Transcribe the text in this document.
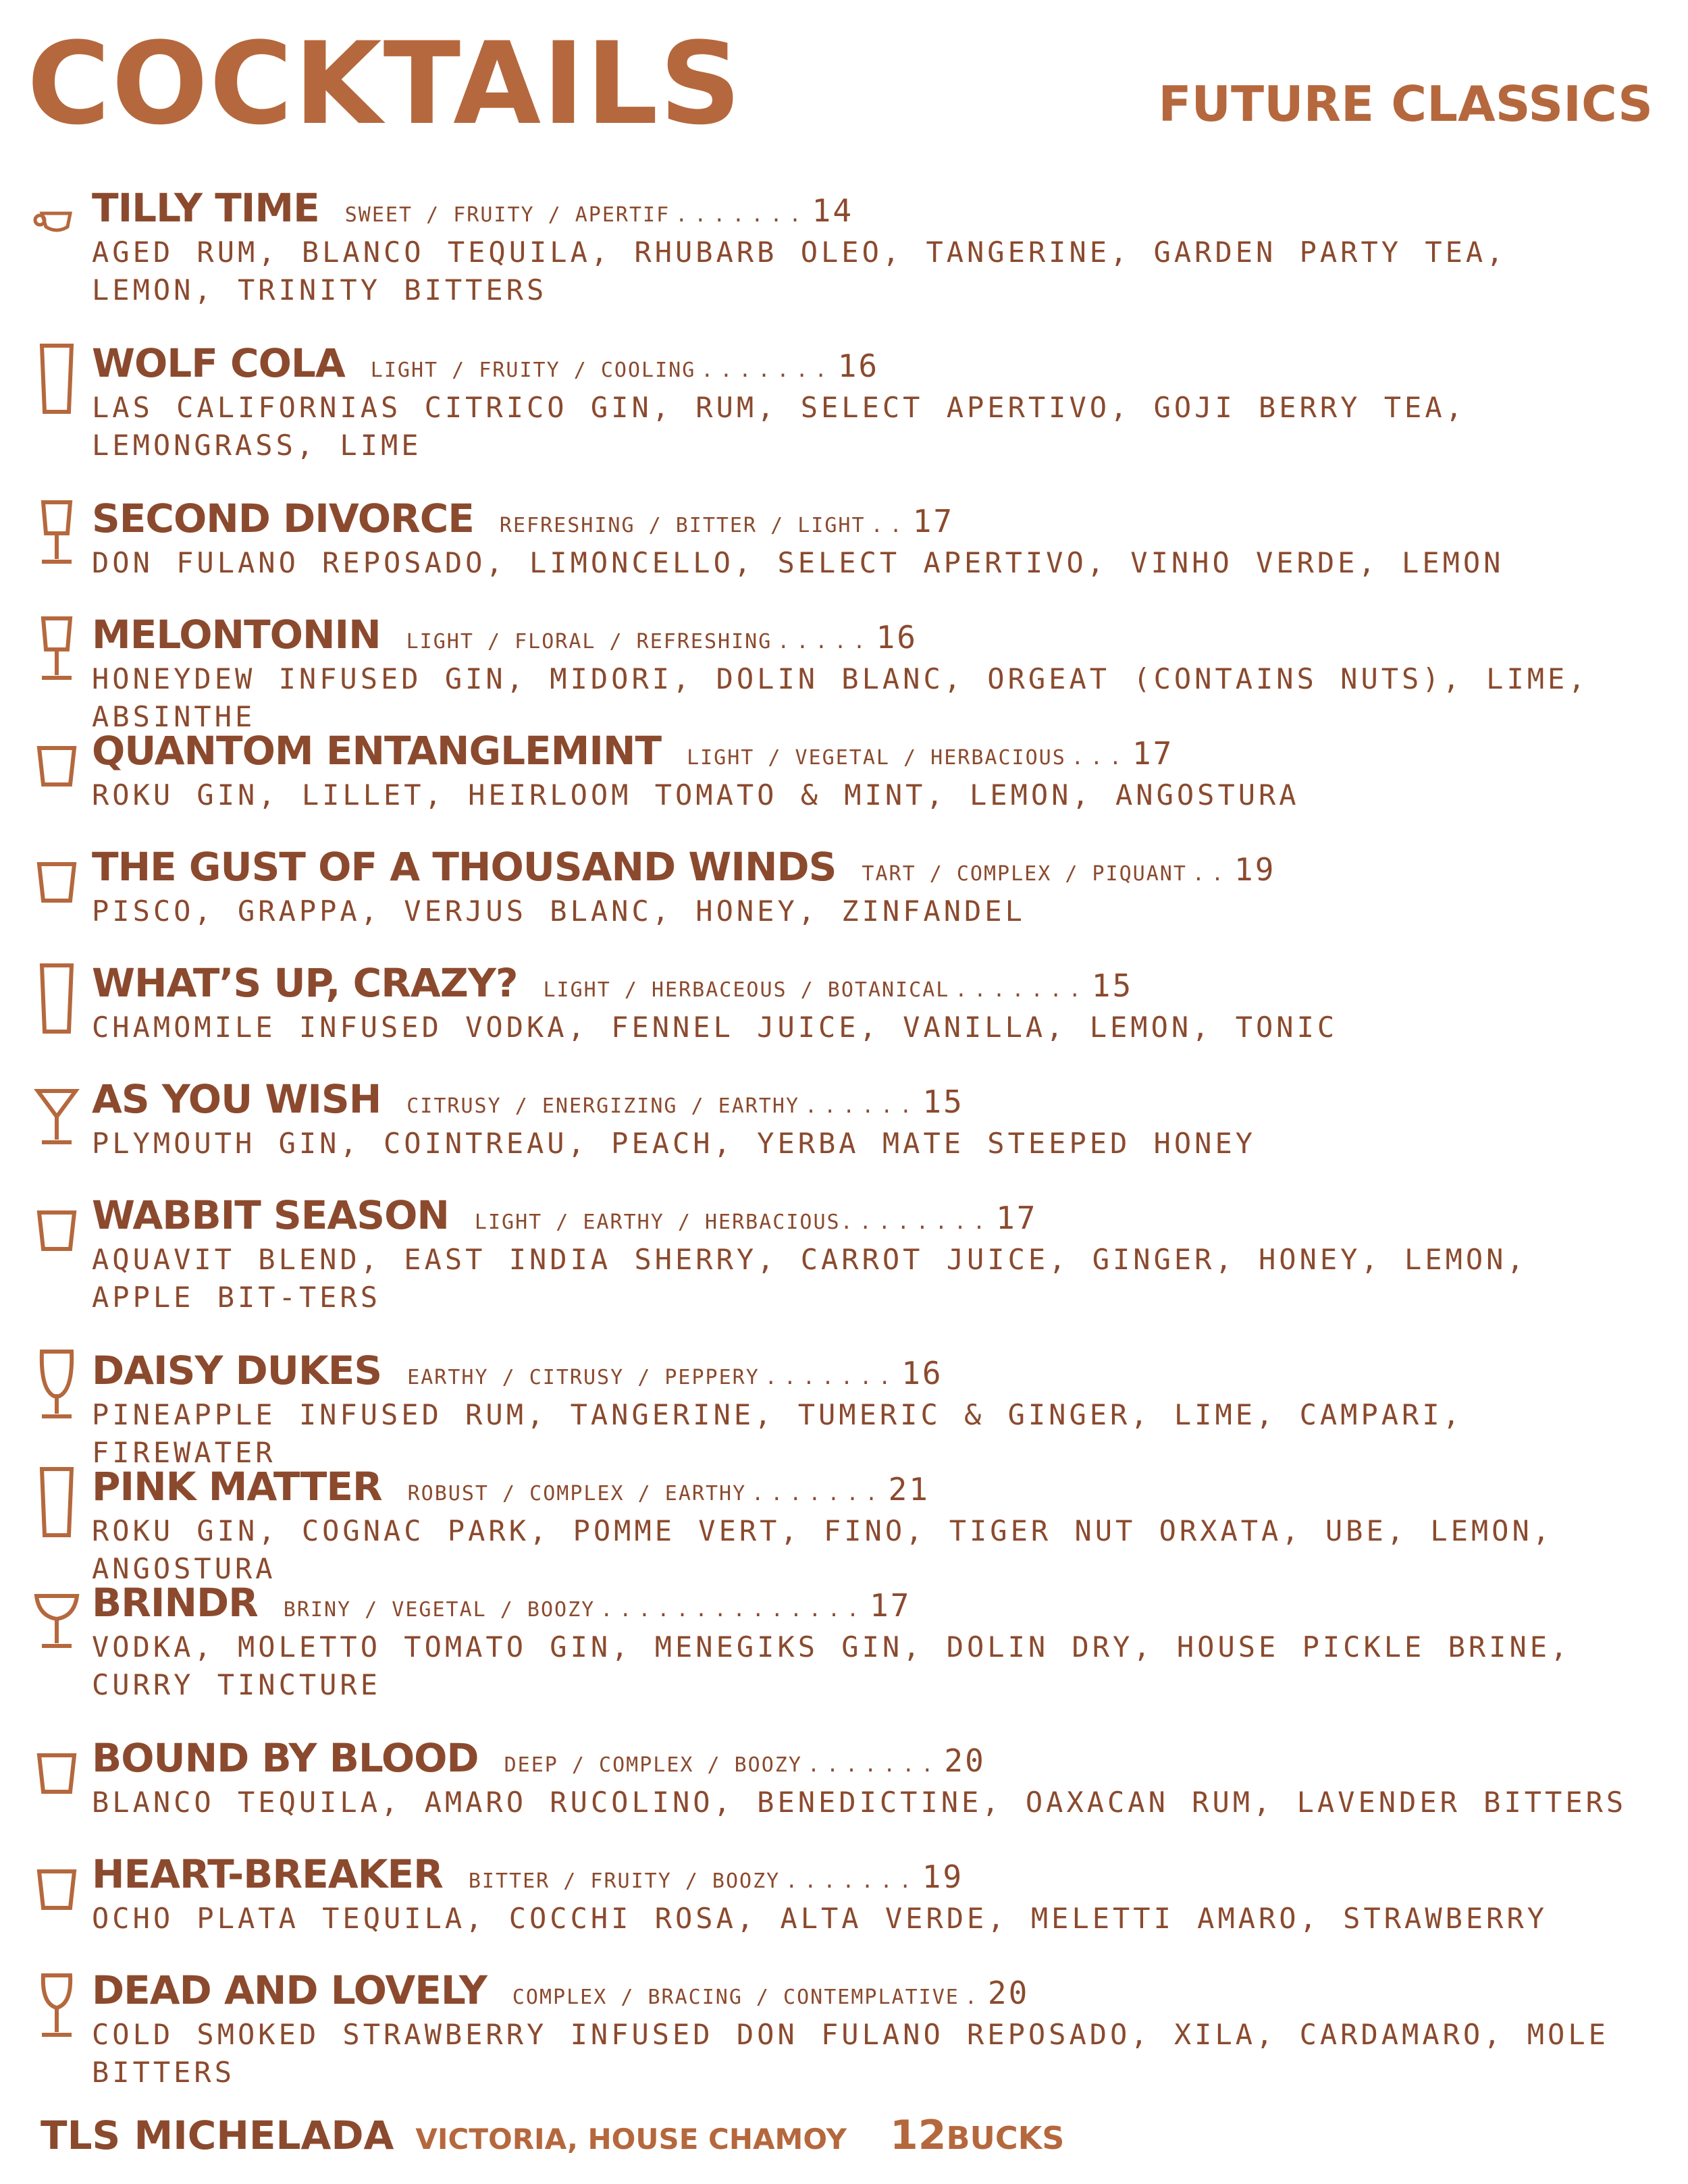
COCKTAILS	FUTURE CLASSICS
TILLY TIME SWEET / FRUITY / APERTIF ....... 14
AGED RUM, BLANCO TEQUILA, RHUBARB OLEO, TANGERINE, GARDEN PARTY TEA, LEMON, TRINITY BITTERS
WOLF COLA LIGHT / FRUITY / COOLING ....... 16
LAS CALIFORNIAS CITRICO GIN, RUM, SELECT APERTIVO, GOJI BERRY TEA, LEMONGRASS, LIME
SECOND DIVORCE REFRESHING / BITTER / LIGHT .. 17
DON FULANO REPOSADO, LIMONCELLO, SELECT APERTIVO, VINHO VERDE, LEMON
MELONTONIN LIGHT / FLORAL / REFRESHING ..... 16
HONEYDEW INFUSED GIN, MIDORI, DOLIN BLANC, ORGEAT (CONTAINS NUTS), LIME, ABSINTHE
QUANTOM ENTANGLEMINT LIGHT / VEGETAL / HERBACIOUS ... 17
ROKU GIN, LILLET, HEIRLOOM TOMATO & MINT, LEMON, ANGOSTURA
THE GUST OF A THOUSAND WINDS TART / COMPLEX / PIQUANT .. 19
PISCO, GRAPPA, VERJUS BLANC, HONEY, ZINFANDEL
WHAT’S UP, CRAZY? LIGHT / HERBACEOUS / BOTANICAL ....... 15
CHAMOMILE INFUSED VODKA, FENNEL JUICE, VANILLA, LEMON, TONIC
AS YOU WISH CITRUSY / ENERGIZING / EARTHY ...... 15
PLYMOUTH GIN, COINTREAU, PEACH, YERBA MATE STEEPED HONEY
WABBIT SEASON LIGHT / EARTHY / HERBACIOUS. ....... 17
AQUAVIT BLEND, EAST INDIA SHERRY, CARROT JUICE, GINGER, HONEY, LEMON, APPLE BIT-TERS
DAISY DUKES EARTHY / CITRUSY / PEPPERY ....... 16
PINEAPPLE INFUSED RUM, TANGERINE, TUMERIC & GINGER, LIME, CAMPARI, FIREWATER
PINK MATTER ROBUST / COMPLEX / EARTHY ....... 21
ROKU GIN, COGNAC PARK, POMME VERT, FINO, TIGER NUT ORXATA, UBE, LEMON, ANGOSTURA
BRINDR BRINY / VEGETAL / BOOZY .............. 17
VODKA, MOLETTO TOMATO GIN, MENEGIKS GIN, DOLIN DRY, HOUSE PICKLE BRINE, CURRY TINCTURE
BOUND BY BLOOD DEEP / COMPLEX / BOOZY ....... 20
BLANCO TEQUILA, AMARO RUCOLINO, BENEDICTINE, OAXACAN RUM, LAVENDER BITTERS
HEART-BREAKER BITTER / FRUITY / BOOZY ....... 19
OCHO PLATA TEQUILA, COCCHI ROSA, ALTA VERDE, MELETTI AMARO, STRAWBERRY
DEAD AND LOVELY COMPLEX / BRACING / CONTEMPLATIVE . 20
COLD SMOKED STRAWBERRY INFUSED DON FULANO REPOSADO, XILA, CARDAMARO, MOLE BITTERS
TLS MICHELADA VICTORIA, HOUSE CHAMOY 12 BUCKS
